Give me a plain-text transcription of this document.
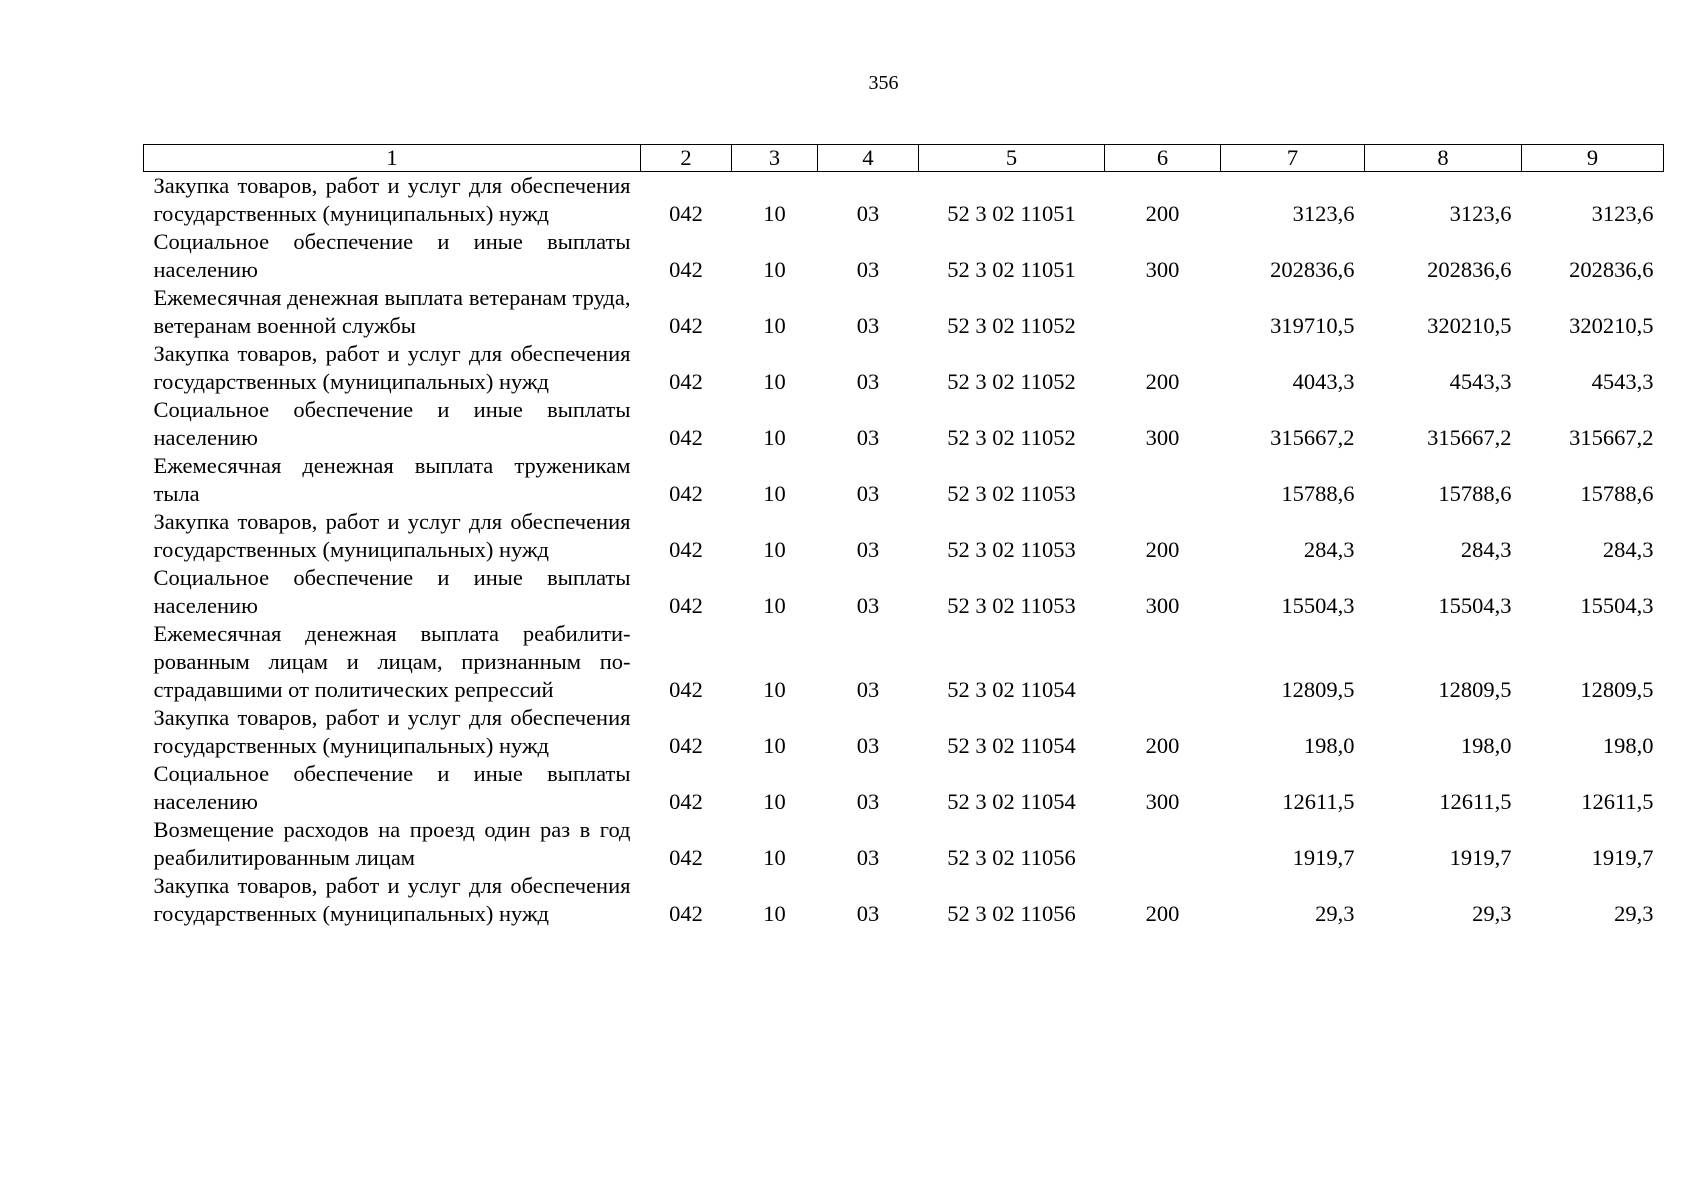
356
1	2	3	4	5	6	7	8	9
Закупка товаров, работ и услуг для обеспечения государственных (муниципальных) нужд	042	10	03	52 3 02 11051	200	3123,6	3123,6	3123,6
Социальное обеспечение и иные выплаты населению	042	10	03	52 3 02 11051	300	202836,6	202836,6	202836,6
Ежемесячная денежная выплата ветеранам труда, ветеранам военной службы	042	10	03	52 3 02 11052		319710,5	320210,5	320210,5
Закупка товаров, работ и услуг для обеспечения государственных (муниципальных) нужд	042	10	03	52 3 02 11052	200	4043,3	4543,3	4543,3
Социальное обеспечение и иные выплаты населению	042	10	03	52 3 02 11052	300	315667,2	315667,2	315667,2
Ежемесячная денежная выплата труженикам тыла	042	10	03	52 3 02 11053		15788,6	15788,6	15788,6
Закупка товаров, работ и услуг для обеспечения государственных (муниципальных) нужд	042	10	03	52 3 02 11053	200	284,3	284,3	284,3
Социальное обеспечение и иные выплаты населению	042	10	03	52 3 02 11053	300	15504,3	15504,3	15504,3
Ежемесячная денежная выплата реабилитированным лицам и лицам, признанным пострадавшими от политических репрессий	042	10	03	52 3 02 11054		12809,5	12809,5	12809,5
Закупка товаров, работ и услуг для обеспечения государственных (муниципальных) нужд	042	10	03	52 3 02 11054	200	198,0	198,0	198,0
Социальное обеспечение и иные выплаты населению	042	10	03	52 3 02 11054	300	12611,5	12611,5	12611,5
Возмещение расходов на проезд один раз в год реабилитированным лицам	042	10	03	52 3 02 11056		1919,7	1919,7	1919,7
Закупка товаров, работ и услуг для обеспечения государственных (муниципальных) нужд	042	10	03	52 3 02 11056	200	29,3	29,3	29,3
